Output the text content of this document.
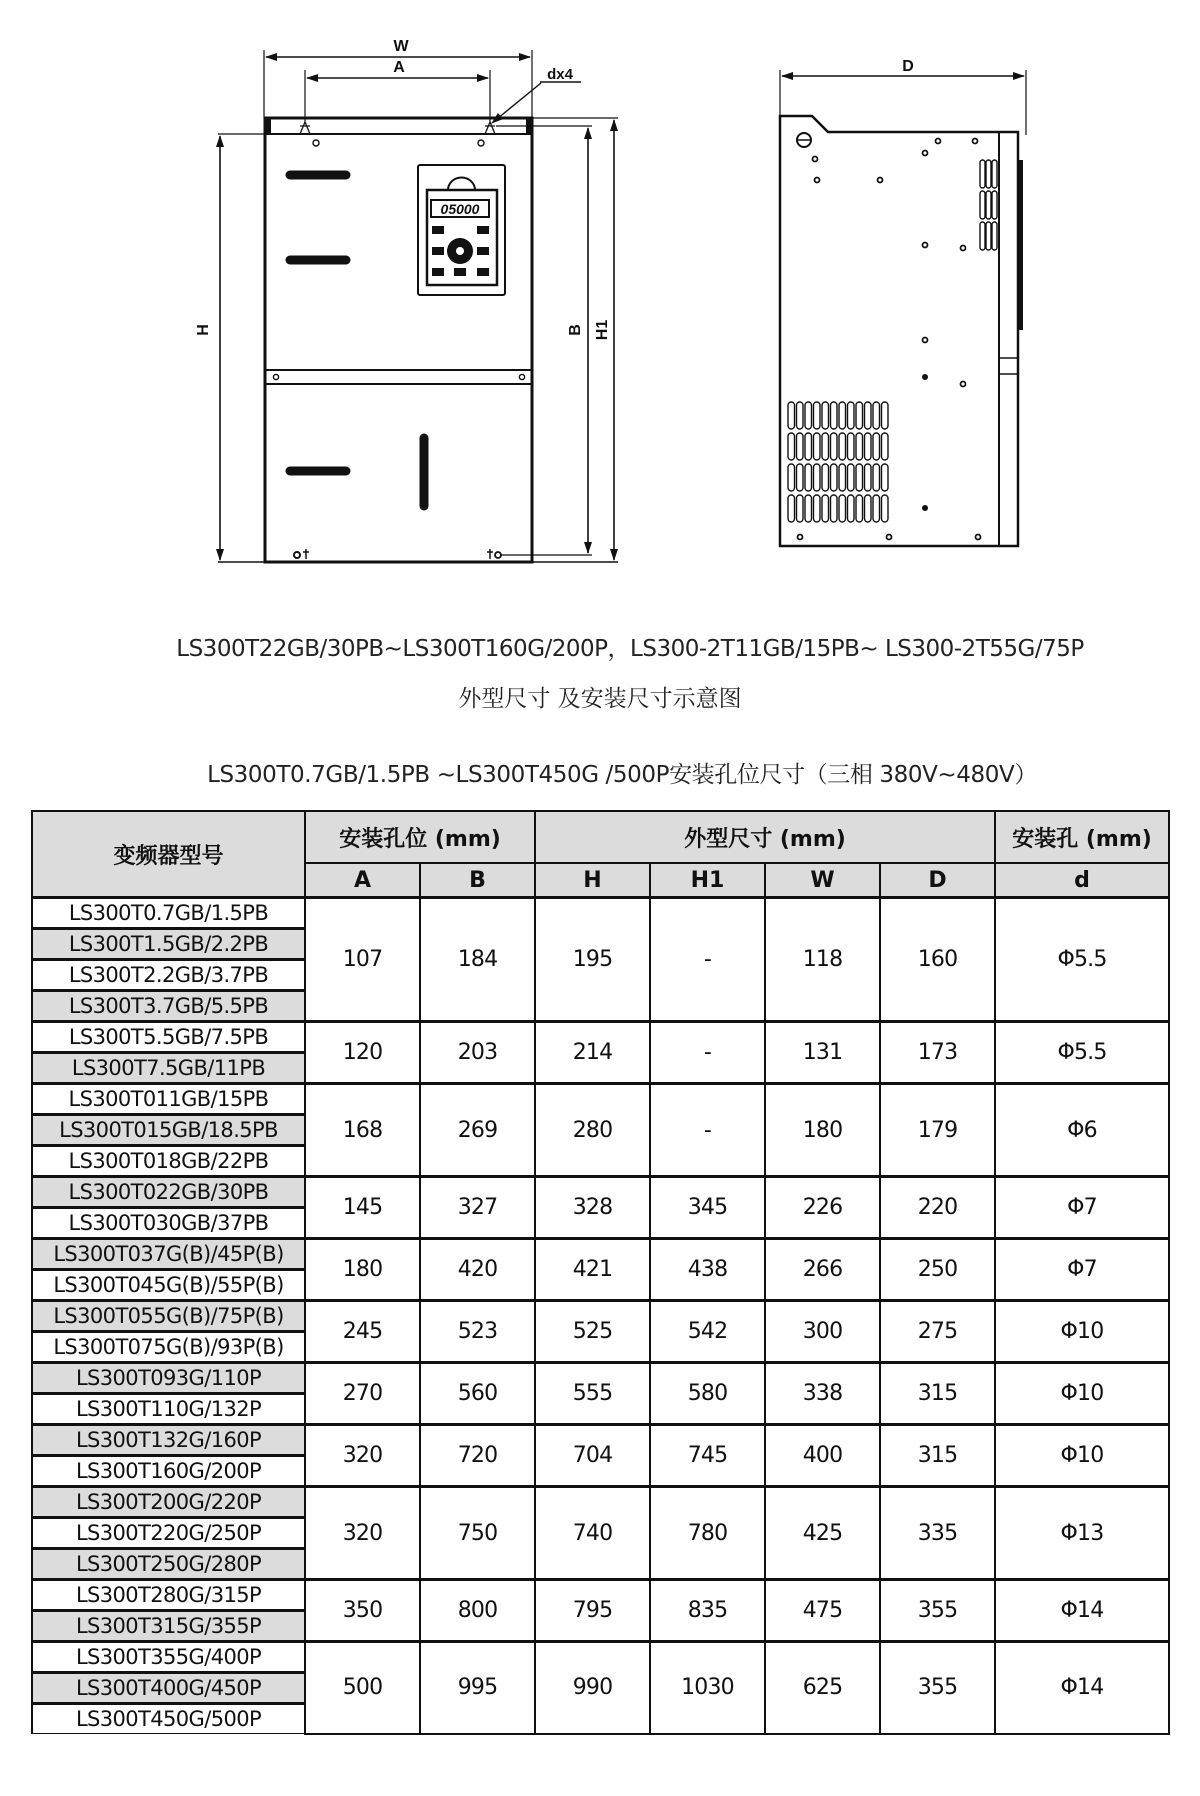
05000
W
A	dx4
H	B H1
D
LS300T22GB/30PB~LS300T160G/200P，LS300-2T11GB/15PB~ LS300-2T55G/75P
外型尺寸 及安装尺寸示意图
LS300T0.7GB/1.5PB ~LS300T450G /500P安装孔位尺寸（三相 380V~480V）
变频器型号	安装孔位 (mm)		外型尺寸 (mm)				安装孔 (mm)
	A	B	H	H1	W	D	d
LS300T0.7GB/1.5PB	107	184	195	-	118	160	Φ5.5
LS300T1.5GB/2.2PB							
LS300T2.2GB/3.7PB							
LS300T3.7GB/5.5PB							
LS300T5.5GB/7.5PB	120	203	214	-	131	173	Φ5.5
LS300T7.5GB/11PB							
LS300T011GB/15PB	168	269	280	-	180	179	Φ6
LS300T015GB/18.5PB							
LS300T018GB/22PB							
LS300T022GB/30PB	145	327	328	345	226	220	Φ7
LS300T030GB/37PB							
LS300T037G(B)/45P(B)	180	420	421	438	266	250	Φ7
LS300T045G(B)/55P(B)							
LS300T055G(B)/75P(B)	245	523	525	542	300	275	Φ10
LS300T075G(B)/93P(B)							
LS300T093G/110P	270	560	555	580	338	315	Φ10
LS300T110G/132P							
LS300T132G/160P	320	720	704	745	400	315	Φ10
LS300T160G/200P							
LS300T200G/220P	320	750	740	780	425	335	Φ13
LS300T220G/250P							
LS300T250G/280P							
LS300T280G/315P	350	800	795	835	475	355	Φ14
LS300T315G/355P							
LS300T355G/400P	500	995	990	1030	625	355	Φ14
LS300T400G/450P							
LS300T450G/500P							
